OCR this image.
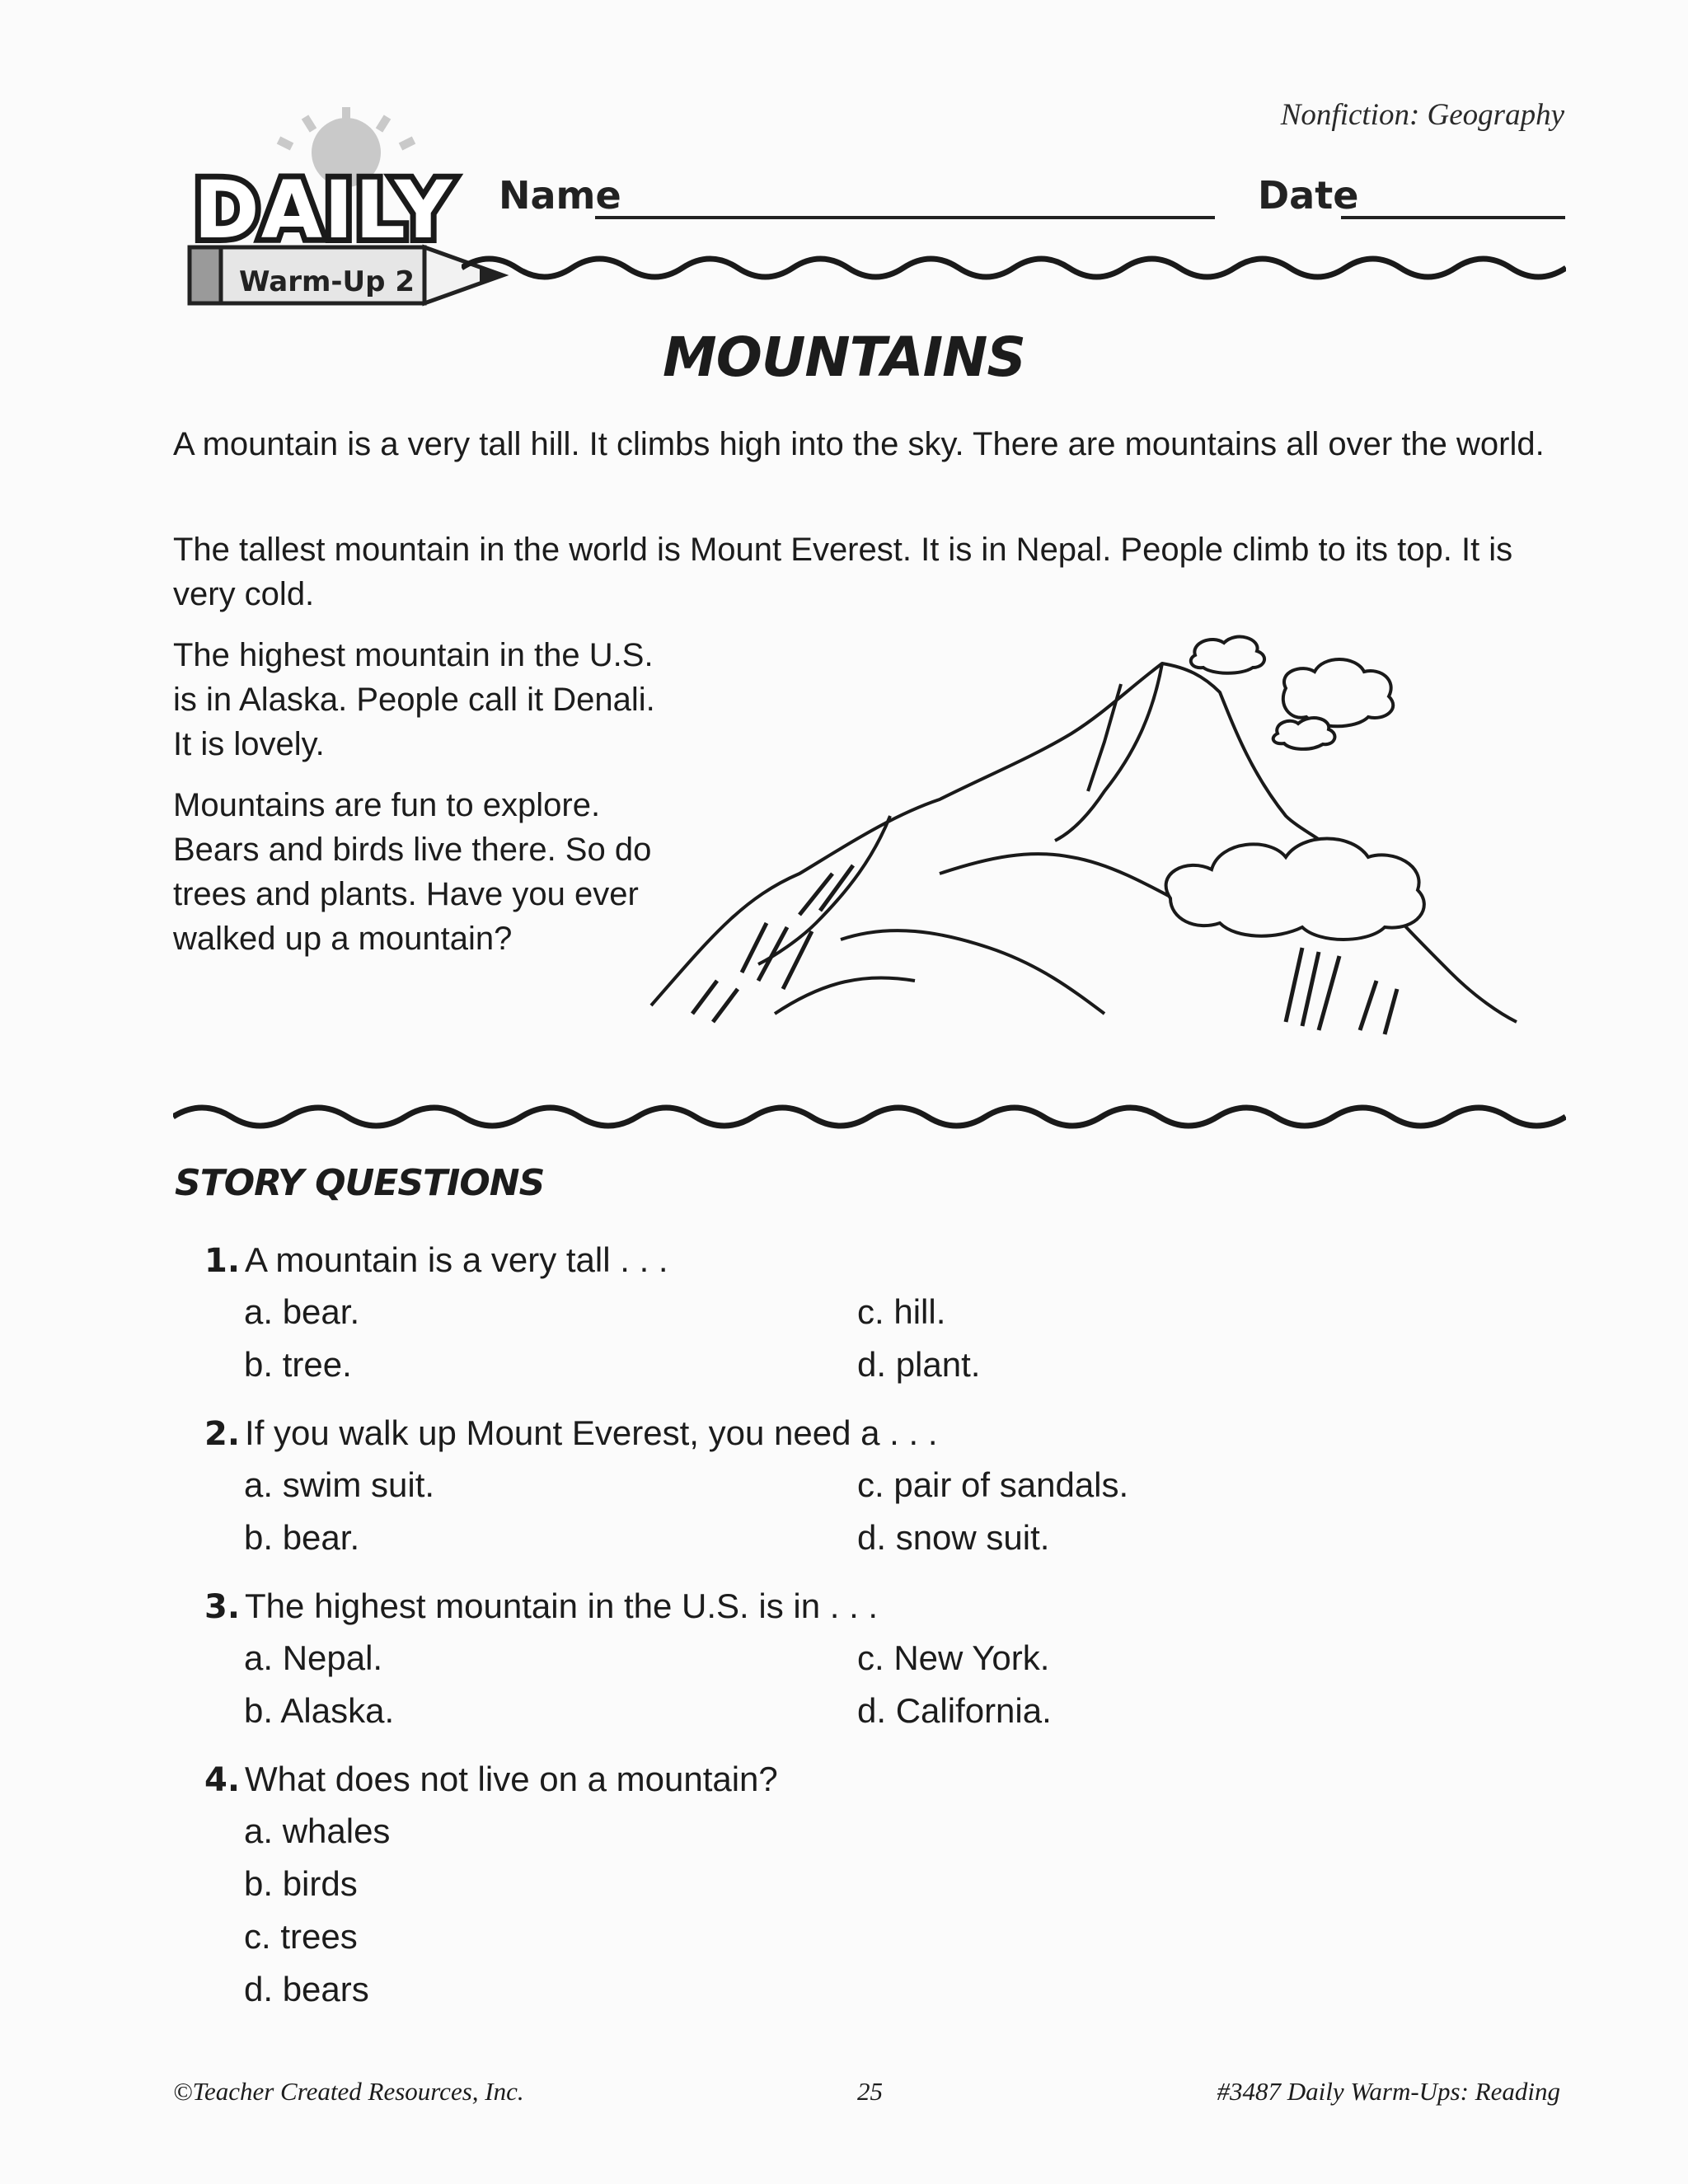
Nonfiction: Geography
Warm-Up 2
DAILY Name	Date
MOUNTAINS

A mountain is a very tall hill. It climbs high into the sky. There are mountains all over the world.

The tallest mountain in the world is Mount Everest. It is in Nepal. People climb to its top. It is very cold.

The highest mountain in the U.S. is in Alaska. People call it Denali. It is lovely.

Mountains are fun to explore. Bears and birds live there. So do trees and plants. Have you ever walked up a mountain?

STORY QUESTIONS
1. A mountain is a very tall . . .
a. bear.
b. tree.
c. hill.
d. plant.
2. If you walk up Mount Everest, you need a . . .
a. swim suit.
b. bear.
c. pair of sandals.
d. snow suit.
3. The highest mountain in the U.S. is in . . .
a. Nepal.
b. Alaska.
c. New York.
d. California.
4. What does not live on a mountain?
a. whales
b. birds
c. trees
d. bears
©Teacher Created Resources, Inc.	25	#3487 Daily Warm-Ups: Reading
